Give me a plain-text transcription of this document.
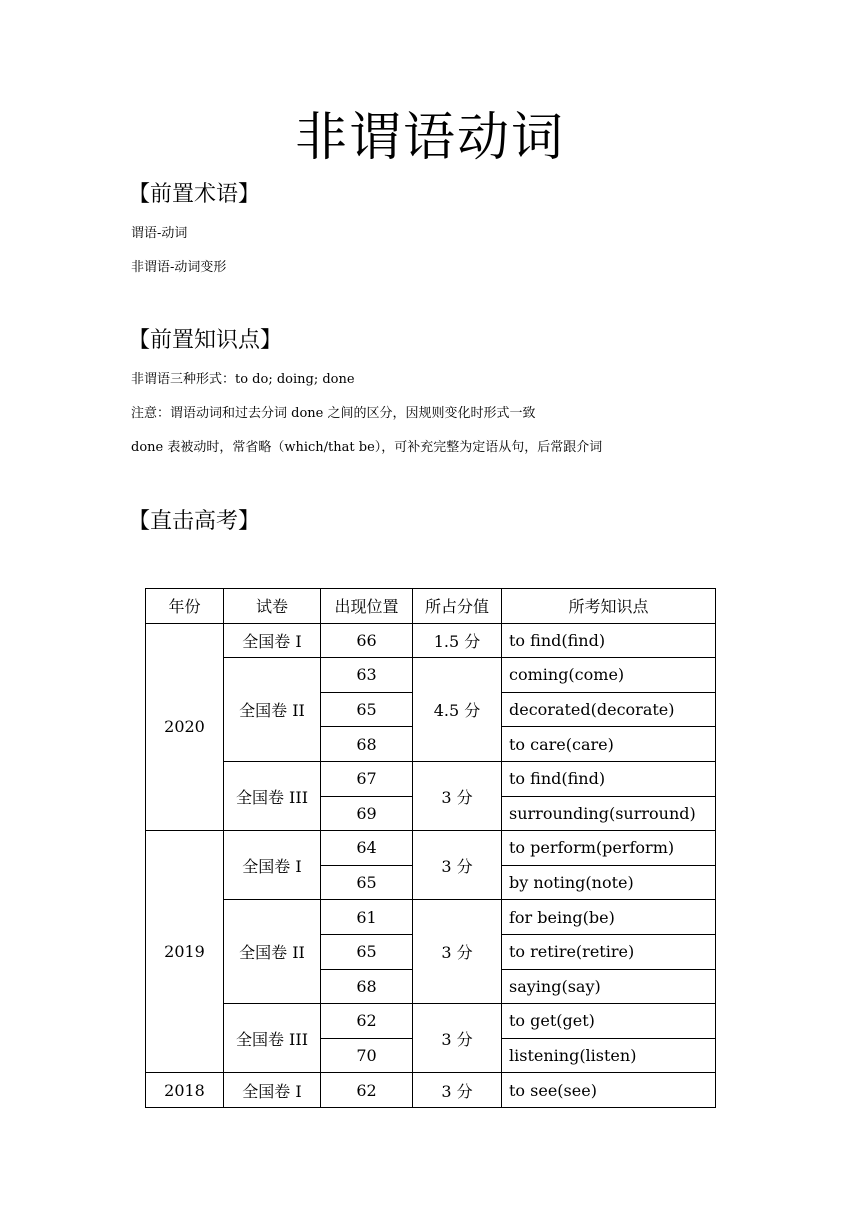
非谓语动词
【前置术语】
谓语-动词
非谓语-动词变形
【前置知识点】
非谓语三种形式：to do; doing; done
注意：谓语动词和过去分词 done 之间的区分，因规则变化时形式一致
done 表被动时，常省略（which/that be），可补充完整为定语从句，后常跟介词
【直击高考】
年份	试卷	出现位置	所占分值	所考知识点
2020	全国卷 I	66	1.5 分	to find(find)
	全国卷 II	63	4.5 分	coming(come)
		65		decorated(decorate)
		68		to care(care)
	全国卷 III	67	3 分	to find(find)
		69		surrounding(surround)
2019	全国卷 I	64	3 分	to perform(perform)
		65		by noting(note)
	全国卷 II	61	3 分	for being(be)
		65		to retire(retire)
		68		saying(say)
	全国卷 III	62	3 分	to get(get)
		70		listening(listen)
2018	全国卷 I	62	3 分	to see(see)
